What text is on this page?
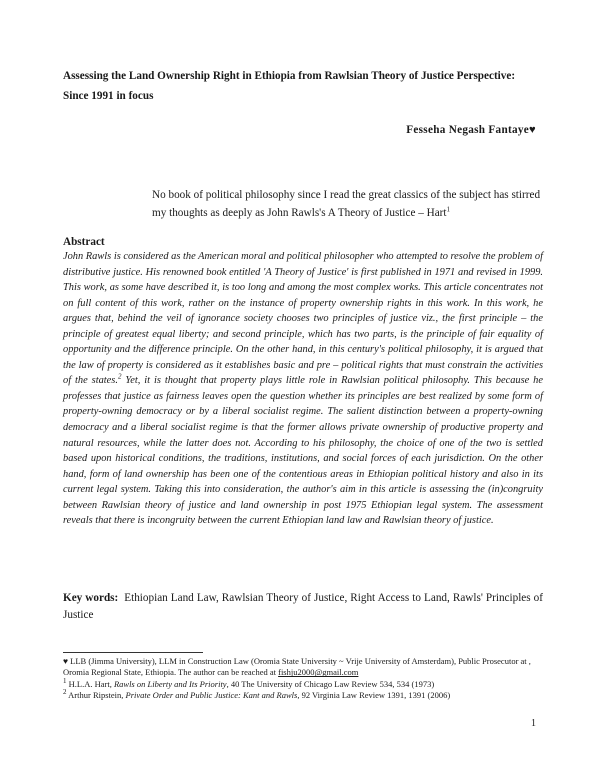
Assessing the Land Ownership Right in Ethiopia from Rawlsian Theory of Justice Perspective: Since 1991 in focus
Fesseha Negash Fantaye♥
No book of political philosophy since I read the great classics of the subject has stirred my thoughts as deeply as John Rawls's A Theory of Justice – Hart$^1$
Abstract
John Rawls is considered as the American moral and political philosopher who attempted to resolve the problem of distributive justice. His renowned book entitled 'A Theory of Justice' is first published in 1971 and revised in 1999. This work, as some have described it, is too long and among the most complex works. This article concentrates not on full content of this work, rather on the instance of property ownership rights in this work. In this work, he argues that, behind the veil of ignorance society chooses two principles of justice viz., the first principle – the principle of greatest equal liberty; and second principle, which has two parts, is the principle of fair equality of opportunity and the difference principle. On the other hand, in this century's political philosophy, it is argued that the law of property is considered as it establishes basic and pre – political rights that must constrain the activities of the states.$^2$ Yet, it is thought that property plays little role in Rawlsian political philosophy. This because he professes that justice as fairness leaves open the question whether its principles are best realized by some form of property-owning democracy or by a liberal socialist regime. The salient distinction between a property-owning democracy and a liberal socialist regime is that the former allows private ownership of productive property and natural resources, while the latter does not. According to his philosophy, the choice of one of the two is settled based upon historical conditions, the traditions, institutions, and social forces of each jurisdiction. On the other hand, form of land ownership has been one of the contentious areas in Ethiopian political history and also in its current legal system. Taking this into consideration, the author's aim in this article is assessing the (in)congruity between Rawlsian theory of justice and land ownership in post 1975 Ethiopian legal system. The assessment reveals that there is incongruity between the current Ethiopian land law and Rawlsian theory of justice.
Key words: Ethiopian Land Law, Rawlsian Theory of Justice, Right Access to Land, Rawls' Principles of Justice
♥ LLB (Jimma University), LLM in Construction Law (Oromia State University ~ Vrije University of Amsterdam), Public Prosecutor at , Oromia Regional State, Ethiopia. The author can be reached at fishju2000@gmail.com
$^1$ H.L.A. Hart, Rawls on Liberty and Its Priority, 40 The University of Chicago Law Review 534, 534 (1973)
$^2$ Arthur Ripstein, Private Order and Public Justice: Kant and Rawls, 92 Virginia Law Review 1391, 1391 (2006)
1
